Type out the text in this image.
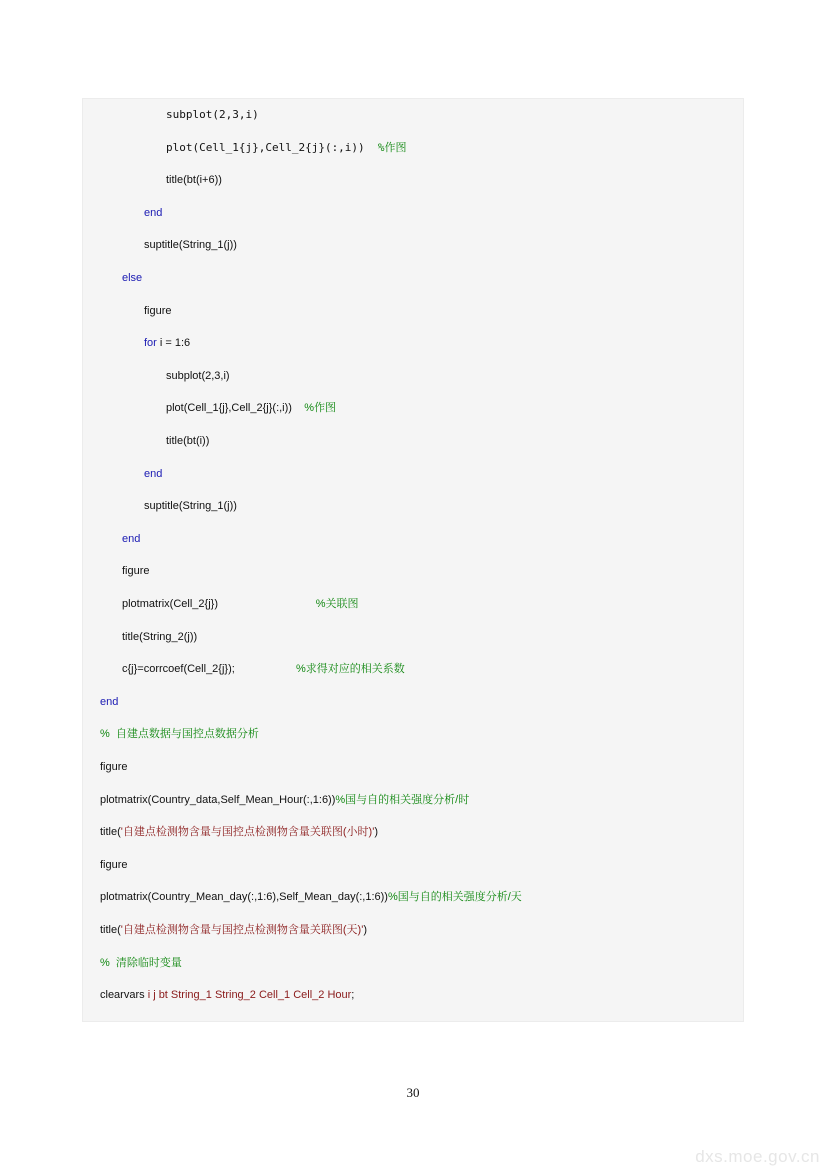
subplot(2,3,i)
plot(Cell_1{j},Cell_2{j}(:,i))  %作图
title(bt(i+6))
end
suptitle(String_1(j))
else
figure
for i = 1:6
subplot(2,3,i)
plot(Cell_1{j},Cell_2{j}(:,i))    %作图
title(bt(i))
end
suptitle(String_1(j))
end
figure
plotmatrix(Cell_2{j})                                %关联图
title(String_2(j))
c{j}=corrcoef(Cell_2{j});                    %求得对应的相关系数
end
%  自建点数据与国控点数据分析
figure
plotmatrix(Country_data,Self_Mean_Hour(:,1:6))%国与自的相关强度分析/时
title('自建点检测物含量与国控点检测物含量关联图(小时)')
figure
plotmatrix(Country_Mean_day(:,1:6),Self_Mean_day(:,1:6))%国与自的相关强度分析/天
title('自建点检测物含量与国控点检测物含量关联图(天)')
%  清除临时变量
clearvars i j bt String_1 String_2 Cell_1 Cell_2 Hour;
30
dxs.moe.gov.cn
